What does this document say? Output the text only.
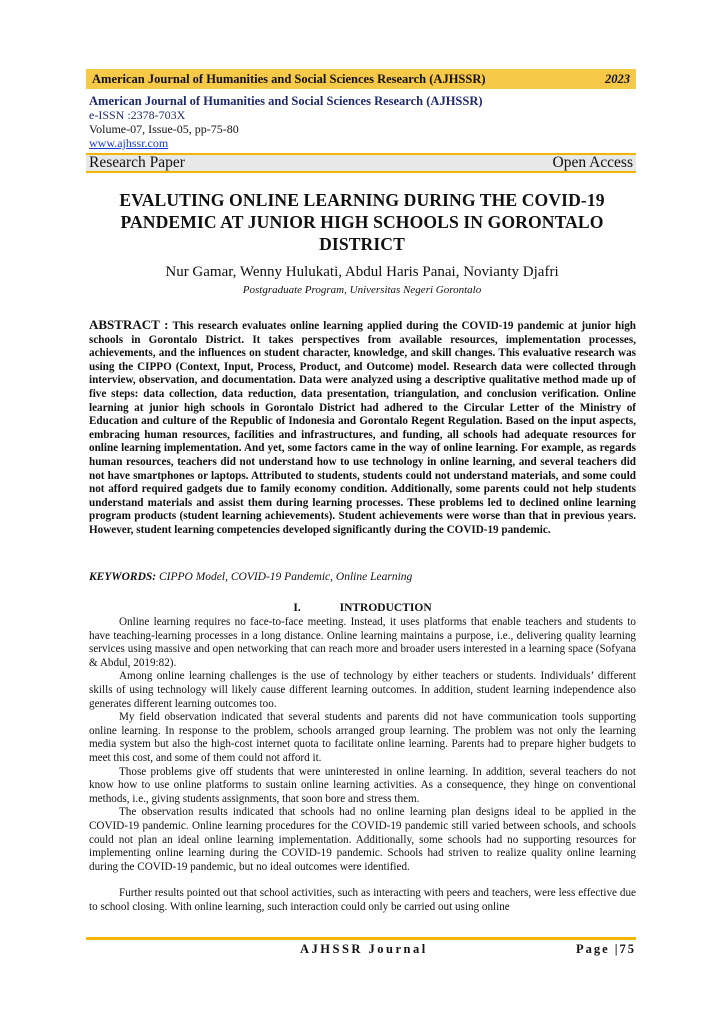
American Journal of Humanities and Social Sciences Research (AJHSSR)	2023
American Journal of Humanities and Social Sciences Research (AJHSSR)
e-ISSN :2378-703X
Volume-07, Issue-05, pp-75-80
www.ajhssr.com
Research Paper	Open Access
EVALUTING ONLINE LEARNING DURING THE COVID-19 PANDEMIC AT JUNIOR HIGH SCHOOLS IN GORONTALO DISTRICT
Nur Gamar, Wenny Hulukati, Abdul Haris Panai, Novianty Djafri
Postgraduate Program, Universitas Negeri Gorontalo
ABSTRACT : This research evaluates online learning applied during the COVID-19 pandemic at junior high schools in Gorontalo District. It takes perspectives from available resources, implementation processes, achievements, and the influences on student character, knowledge, and skill changes. This evaluative research was using the CIPPO (Context, Input, Process, Product, and Outcome) model. Research data were collected through interview, observation, and documentation. Data were analyzed using a descriptive qualitative method made up of five steps: data collection, data reduction, data presentation, triangulation, and conclusion verification. Online learning at junior high schools in Gorontalo District had adhered to the Circular Letter of the Ministry of Education and culture of the Republic of Indonesia and Gorontalo Regent Regulation. Based on the input aspects, embracing human resources, facilities and infrastructures, and funding, all schools had adequate resources for online learning implementation. And yet, some factors came in the way of online learning. For example, as regards human resources, teachers did not understand how to use technology in online learning, and several teachers did not have smartphones or laptops. Attributed to students, students could not understand materials, and some could not afford required gadgets due to family economy condition. Additionally, some parents could not help students understand materials and assist them during learning processes. These problems led to declined online learning program products (student learning achievements). Student achievements were worse than that in previous years. However, student learning competencies developed significantly during the COVID-19 pandemic.
KEYWORDS: CIPPO Model, COVID-19 Pandemic, Online Learning
I.	INTRODUCTION

Online learning requires no face-to-face meeting. Instead, it uses platforms that enable teachers and students to have teaching-learning processes in a long distance. Online learning maintains a purpose, i.e., delivering quality learning services using massive and open networking that can reach more and broader users interested in a learning space (Sofyana & Abdul, 2019:82).

Among online learning challenges is the use of technology by either teachers or students. Individuals’ different skills of using technology will likely cause different learning outcomes. In addition, student learning independence also generates different learning outcomes too.

My field observation indicated that several students and parents did not have communication tools supporting online learning. In response to the problem, schools arranged group learning. The problem was not only the learning media system but also the high-cost internet quota to facilitate online learning. Parents had to prepare higher budgets to meet this cost, and some of them could not afford it.

Those problems give off students that were uninterested in online learning. In addition, several teachers do not know how to use online platforms to sustain online learning activities. As a consequence, they hinge on conventional methods, i.e., giving students assignments, that soon bore and stress them.

The observation results indicated that schools had no online learning plan designs ideal to be applied in the COVID-19 pandemic. Online learning procedures for the COVID-19 pandemic still varied between schools, and schools could not plan an ideal online learning implementation. Additionally, some schools had no supporting resources for implementing online learning during the COVID-19 pandemic. Schools had striven to realize quality online learning during the COVID-19 pandemic, but no ideal outcomes were identified.

Further results pointed out that school activities, such as interacting with peers and teachers, were less effective due to school closing. With online learning, such interaction could only be carried out using online

AJHSSR Journal	Page |75
